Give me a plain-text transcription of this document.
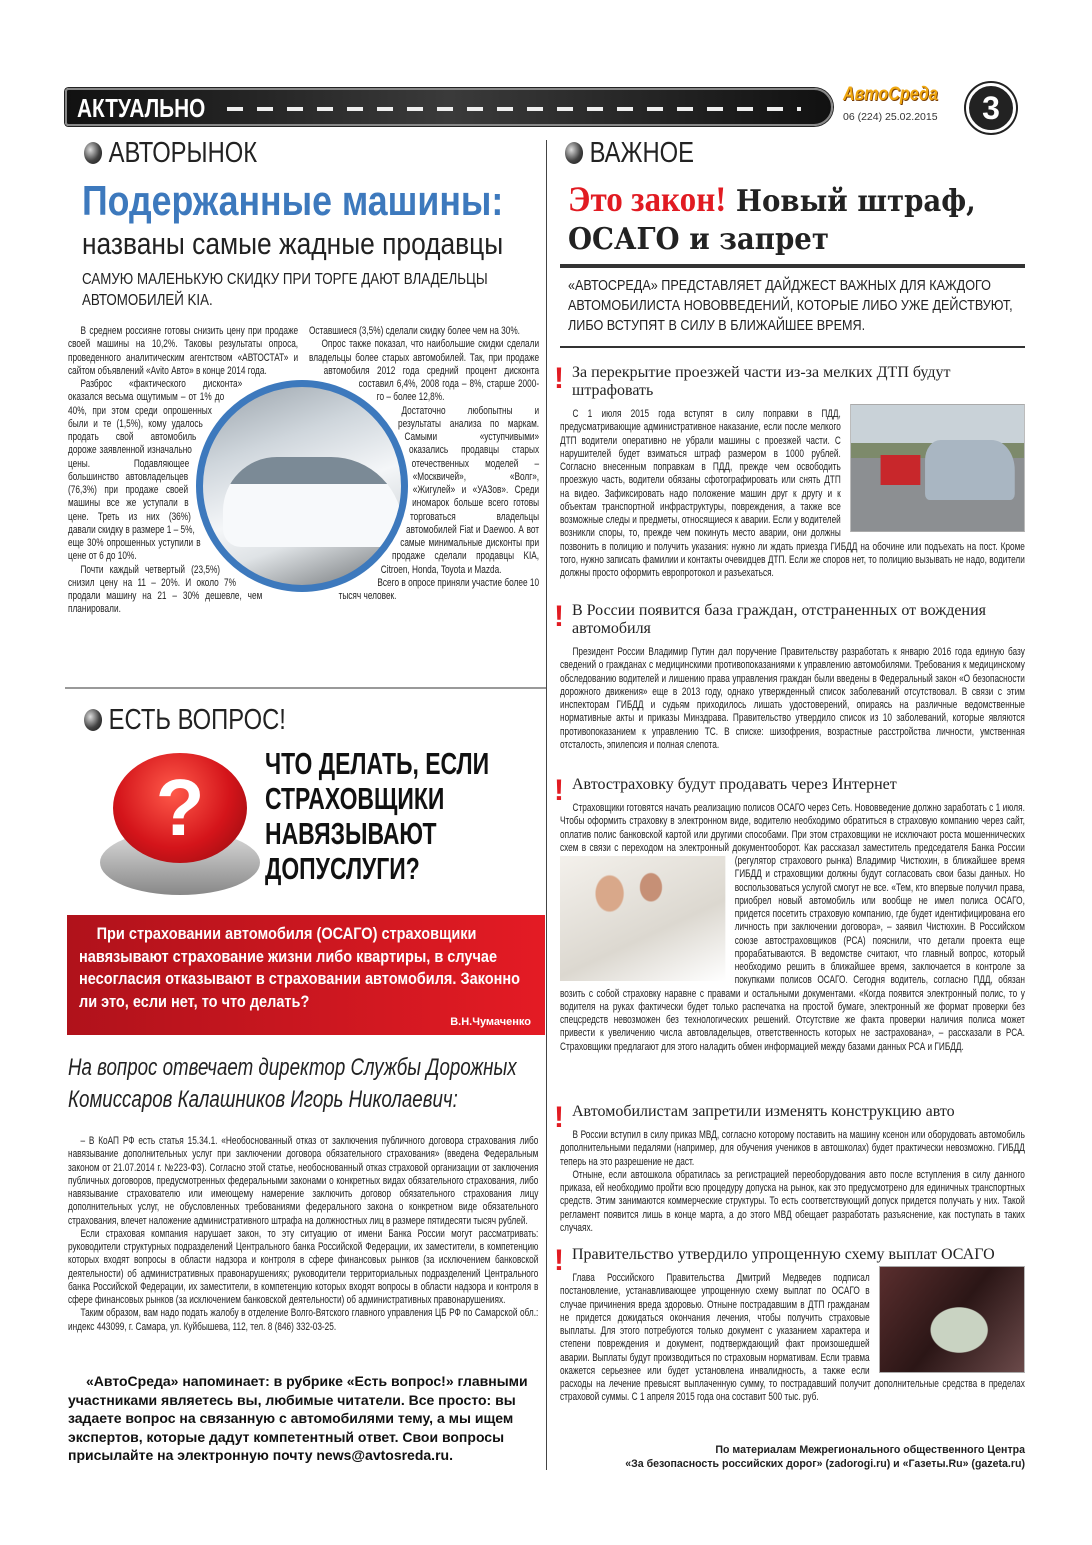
АКТУАЛЬНО	АвтоСреда
06 (224) 25.02.2015	3
АВТОРЫНОК
Подержанные машины:
названы самые жадные продавцы
САМУЮ МАЛЕНЬКУЮ СКИДКУ ПРИ ТОРГЕ ДАЮТ ВЛАДЕЛЬЦЫ АВТОМОБИЛЕЙ KIA.

В среднем россияне готовы снизить цену при продаже своей машины на 10,2%. Таковы результаты опроса, проведенного аналитическим агентством «АВТОСТАТ» и сайтом объявлений «Avito Авто» в конце 2014 года.

Разброс «фактического дисконта» оказался весьма ощутимым – от 1% до 40%, при этом среди опрошенных были и те (1,5%), кому удалось продать свой автомобиль дороже заявленной изначально цены. Подавляющее большинство автовладельцев (76,3%) при продаже своей машины все же уступали в цене. Треть из них (36%) давали скидку в размере 1 – 5%, еще 30% опрошенных уступили в цене от 6 до 10%.

Почти каждый четвертый (23,5%) снизил цену на 11 – 20%. И около 7% продали машину на 21 – 30% дешевле, чем планировали.

Оставшиеся (3,5%) сделали скидку более чем на 30%.

Опрос также показал, что наибольшие скидки сделали владельцы более старых автомобилей. Так, при продаже автомобиля 2012 года средний процент дисконта составил 6,4%, 2008 года – 8%, старше 2000-го – более 12,8%.

Достаточно любопытны и результаты анализа по маркам. Самыми «уступчивыми» оказались продавцы старых отечественных моделей – «Москвичей», «Волг», «Жигулей» и «УАЗов». Среди иномарок больше всего готовы торговаться владельцы автомобилей Fiat и Daewoo. А вот самые минимальные дисконты при продаже сделали продавцы KIA, Citroen, Honda, Toyota и Mazda.

Всего в опросе приняли участие более 10 тысяч человек.

ЕСТЬ ВОПРОС!
?	ЧТО ДЕЛАТЬ, ЕСЛИ СТРАХОВЩИКИ НАВЯЗЫВАЮТ ДОПУСЛУГИ?
При страховании автомобиля (ОСАГО) страховщики навязывают страхование жизни либо квартиры, в случае несогласия отказывают в страховании автомобиля. Законно ли это, если нет, то что делать?
В.Н.Чумаченко
На вопрос отвечает директор Службы Дорожных Комиссаров Калашников Игорь Николаевич:

– В КоАП РФ есть статья 15.34.1. «Необоснованный отказ от заключения публичного договора страхования либо навязывание дополнительных услуг при заключении договора обязательного страхования» (введена Федеральным законом от 21.07.2014 г. №223-ФЗ). Согласно этой статье, необоснованный отказ страховой организации от заключения публичных договоров, предусмотренных федеральными законами о конкретных видах обязательного страхования, либо навязывание страхователю или имеющему намерение заключить договор обязательного страхования лицу дополнительных услуг, не обусловленных требованиями федерального закона о конкретном виде обязательного страхования, влечет наложение административного штрафа на должностных лиц в размере пятидесяти тысяч рублей.

Если страховая компания нарушает закон, то эту ситуацию от имени Банка России могут рассматривать: руководители структурных подразделений Центрального банка Российской Федерации, их заместители, в компетенцию которых входят вопросы в области надзора и контроля в сфере финансовых рынков (за исключением банковской деятельности) об административных правонарушениях; руководители территориальных подразделений Центрального банка Российской Федерации, их заместители, в компетенцию которых входят вопросы в области надзора и контроля в сфере финансовых рынков (за исключением банковской деятельности) об административных правонарушениях.

Таким образом, вам надо подать жалобу в отделение Волго-Вятского главного управления ЦБ РФ по Самарской обл.: индекс 443099, г. Самара, ул. Куйбышева, 112, тел. 8 (846) 332-03-25.

«АвтоСреда» напоминает: в рубрике «Есть вопрос!» главными участниками являетесь вы, любимые читатели. Все просто: вы задаете вопрос на связанную с автомобилями тему, а мы ищем экспертов, которые дадут компетентный ответ. Свои вопросы присылайте на электронную почту news@avtosreda.ru.
ВАЖНОЕ
Это закон! Новый штраф, ОСАГО и запрет
«АВТОСРЕДА» ПРЕДСТАВЛЯЕТ ДАЙДЖЕСТ ВАЖНЫХ ДЛЯ КАЖДОГО АВТОМОБИЛИСТА НОВОВВЕДЕНИЙ, КОТОРЫЕ ЛИБО УЖЕ ДЕЙСТВУЮТ, ЛИБО ВСТУПЯТ В СИЛУ В БЛИЖАЙШЕЕ ВРЕМЯ.
! За перекрытие проезжей части из-за мелких ДТП будут штрафовать

С 1 июля 2015 года вступят в силу поправки в ПДД, предусматривающие административное наказание, если после мелкого ДТП водители оперативно не убрали машины с проезжей части. С нарушителей будет взиматься штраф размером в 1000 рублей. Согласно внесенным поправкам в ПДД, прежде чем освободить проезжую часть, водители обязаны сфотографировать или снять ДТП на видео. Зафиксировать надо положение машин друг к другу и к объектам транспортной инфраструктуры, повреждения, а также все возможные следы и предметы, относящиеся к аварии. Если у водителей возникли споры, то, прежде чем покинуть место аварии, они должны позвонить в полицию и получить указания: нужно ли ждать приезда ГИБДД на обочине или подъехать на пост. Кроме того, нужно записать фамилии и контакты очевидцев ДТП. Если же споров нет, то полицию вызывать не надо, водители должны просто оформить европротокол и разъехаться.

! В России появится база граждан, отстраненных от вождения автомобиля

Президент России Владимир Путин дал поручение Правительству разработать к январю 2016 года единую базу сведений о гражданах с медицинскими противопоказаниями к управлению автомобилями. Требования к медицинскому обследованию водителей и лишению права управления граждан были введены в Федеральный закон «О безопасности дорожного движения» еще в 2013 году, однако утвержденный список заболеваний отсутствовал. В связи с этим инспекторам ГИБДД и судьям приходилось лишать удостоверений, опираясь на различные ведомственные нормативные акты и приказы Минздрава. Правительство утвердило список из 10 заболеваний, которые являются противопоказанием к управлению ТС. В списке: шизофрения, возрастные расстройства личности, умственная отсталость, эпилепсия и полная слепота.

! Автостраховку будут продавать через Интернет

Страховщики готовятся начать реализацию полисов ОСАГО через Сеть. Нововведение должно заработать с 1 июля. Чтобы оформить страховку в электронном виде, водителю необходимо обратиться в страховую компанию через сайт, оплатив полис банковской картой или другими способами. При этом страховщики не исключают роста мошеннических схем в связи с переходом на электронный документооборот. Как рассказал заместитель председателя Банка России (регулятор страхового рынка) Владимир Чистюхин, в ближайшее время ГИБДД и страховщики должны будут согласовать свои базы данных. Но воспользоваться услугой смогут не все. «Тем, кто впервые получил права, приобрел новый автомобиль или вообще не имел полиса ОСАГО, придется посетить страховую компанию, где будет идентифицирована его личность при заключении договора», – заявил Чистюхин. В Российском союзе автостраховщиков (РСА) пояснили, что детали проекта еще прорабатываются. В ведомстве считают, что главный вопрос, который необходимо решить в ближайшее время, заключается в контроле за покупками полисов ОСАГО. Сегодня водитель, согласно ПДД, обязан возить с собой страховку наравне с правами и остальными документами. «Когда появится электронный полис, то у водителя на руках фактически будет только распечатка на простой бумаге, электронный же формат проверки без спецсредств невозможен без технологических решений. Отсутствие же факта проверки наличия полиса может привести к увеличению числа автовладельцев, ответственность которых не застрахована», – рассказали в РСА. Страховщики предлагают для этого наладить обмен информацией между базами данных РСА и ГИБДД.

! Автомобилистам запретили изменять конструкцию авто

В России вступил в силу приказ МВД, согласно которому поставить на машину ксенон или оборудовать автомобиль дополнительными педалями (например, для обучения учеников в автошколах) будет практически невозможно. ГИБДД теперь на это разрешение не даст.

Отныне, если автошкола обратилась за регистрацией переоборудования авто после вступления в силу данного приказа, ей необходимо пройти всю процедуру допуска на рынок, как это предусмотрено для единичных транспортных средств. Этим занимаются коммерческие структуры. То есть соответствующий допуск придется получать у них. Такой регламент появится лишь в конце марта, а до этого МВД обещает разработать разъяснение, как поступать в таких случаях.

! Правительство утвердило упрощенную схему выплат ОСАГО

Глава Российского Правительства Дмитрий Медведев подписал постановление, устанавливающее упрощенную схему выплат по ОСАГО в случае причинения вреда здоровью. Отныне пострадавшим в ДТП гражданам не придется дожидаться окончания лечения, чтобы получить страховые выплаты. Для этого потребуются только документ с указанием характера и степени повреждения и документ, подтверждающий факт произошедшей аварии. Выплаты будут производиться по страховым нормативам. Если травма окажется серьезнее или будет установлена инвалидность, а также если расходы на лечение превысят выплаченную сумму, то пострадавший получит дополнительные средства в пределах страховой суммы. С 1 апреля 2015 года она составит 500 тыс. руб.

По материалам Межрегионального общественного Центра
«За безопасность российских дорог» (zadorogi.ru) и «Газеты.Ru» (gazeta.ru)
